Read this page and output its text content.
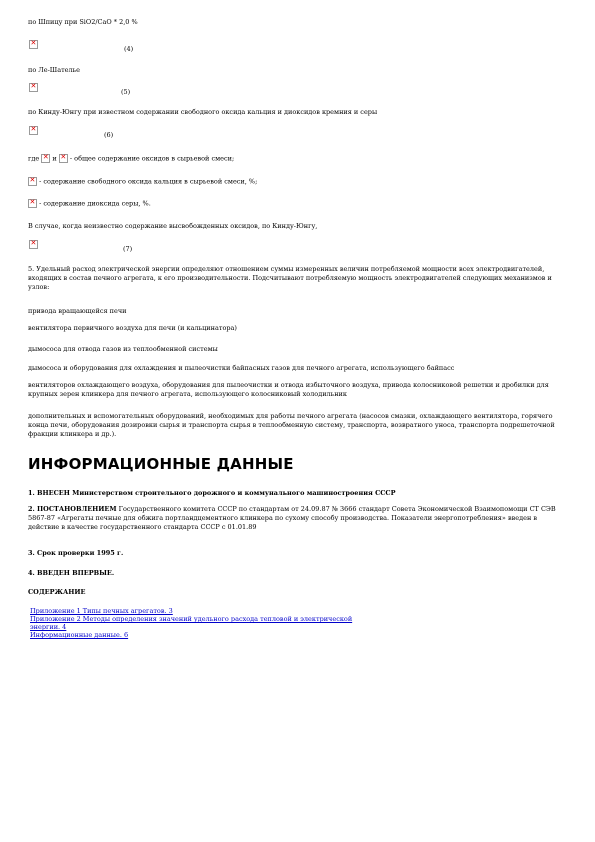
по Шпицу при SiO2/CaO * 2,0 %
✕
(4)
по Ле-Шателье
✕
(5)
по Кинду-Юнгу при известном содержании свободного оксида кальция и диоксидов кремния и серы
✕
(6)
где ✕ и ✕ - общее содержание оксидов в сырьевой смеси;
✕ - содержание свободного оксида кальция в сырьевой смеси, %;
✕ - содержание диоксида серы, %.
В случае, когда неизвестно содержание высвобожденных оксидов, по Кинду-Юнгу,
✕
(7)
5. Удельный расход электрической энергии определяют отношением суммы измеренных величин потребляемой мощности всех электродвигателей, входящих в состав печного агрегата, к его производительности. Подсчитывают потребляемую мощность электродвигателей следующих механизмов и узлов:
привода вращающейся печи
вентилятора первичного воздуха для печи (и кальцинатора)
дымососа для отвода газов из теплообменной системы
дымососа и оборудования для охлаждения и пылеочистки байпасных газов для печного агрегата, использующего байпасс
вентиляторов охлаждающего воздуха, оборудования для пылеочистки и отвода избыточного воздуха, привода колосниковой решетки и дробилки для крупных зерен клинкера для печного агрегата, использующего колосниковый холодильник
дополнительных и вспомогательных оборудований, необходимых для работы печного агрегата (насосов смазки, охлаждающего вентилятора, горячего конца печи, оборудования дозировки сырья и транспорта сырья в теплообменную систему, транспорта, возвратного уноса, транспорта подрешеточной фракции клинкера и др.).
ИНФОРМАЦИОННЫЕ ДАННЫЕ
1. ВНЕСЕН Министерством строительного дорожного и коммунального машиностроения СССР
2. ПОСТАНОВЛЕНИЕМ Государственного комитета СССР по стандартам от 24.09.87 № 3666 стандарт Совета Экономической Взаимопомощи СТ СЭВ 5867-87 «Агрегаты печные для обжига портландцементного клинкера по сухому способу производства. Показатели энергопотребления» введен в действие в качестве государственного стандарта СССР с 01.01.89
3. Срок проверки 1995 г.
4. ВВЕДЕН ВПЕРВЫЕ.
СОДЕРЖАНИЕ
Приложение 1 Типы печных агрегатов. 3
Приложение 2 Методы определения значений удельного расхода тепловой и электрической
энергии. 4
Информационные данные. 6
